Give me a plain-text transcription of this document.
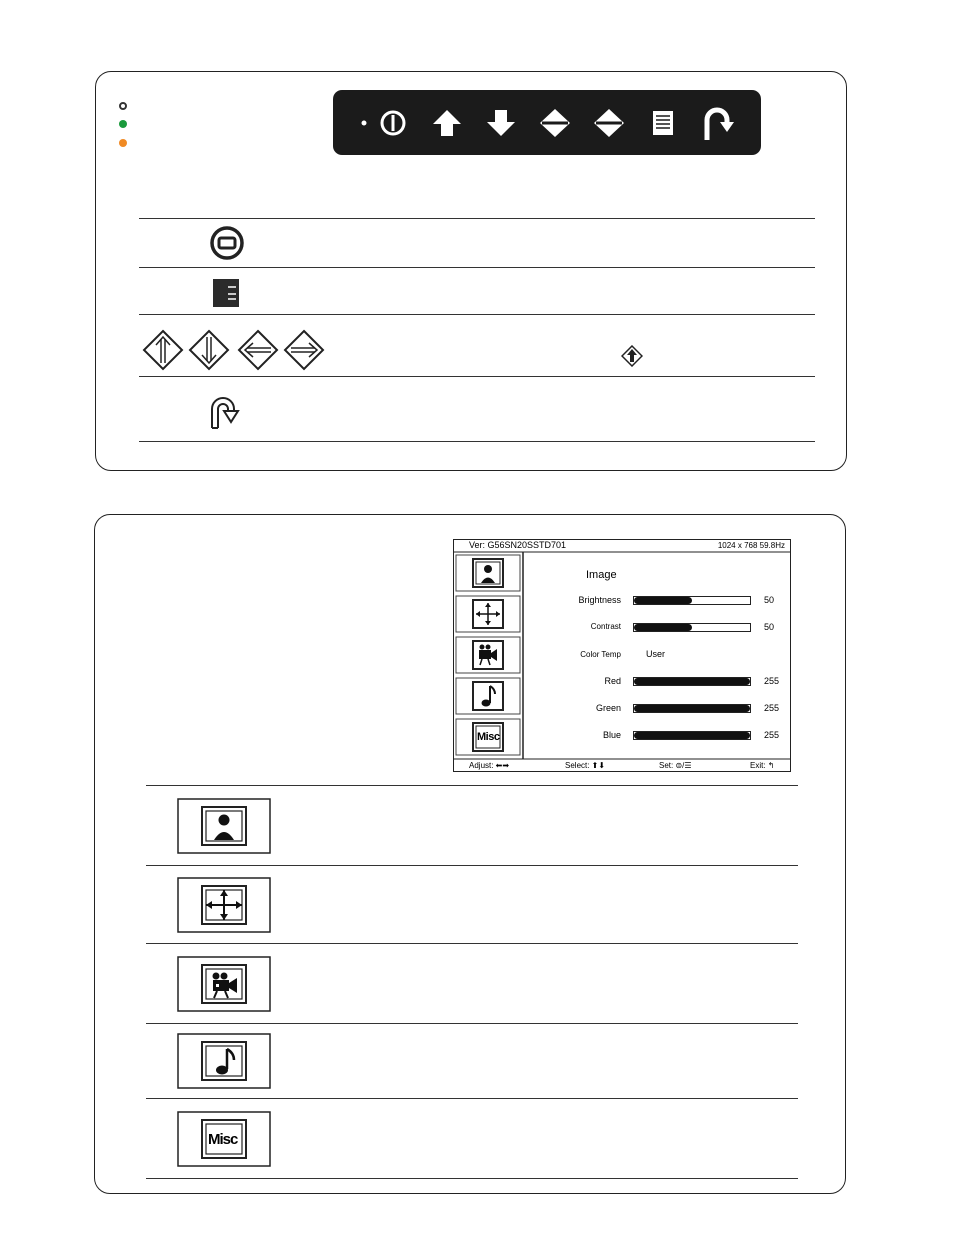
Ver: G56SN20SSTD701	1024 x 768 59.8Hz
Misc
Image
Brightness	50
Contrast	50
Color Temp	User
Red	255
Green	255
Blue	255
Adjust: ⬅➡	Select: ⬆⬇	Set: ⊜/☰	Exit: ↰
Misc
